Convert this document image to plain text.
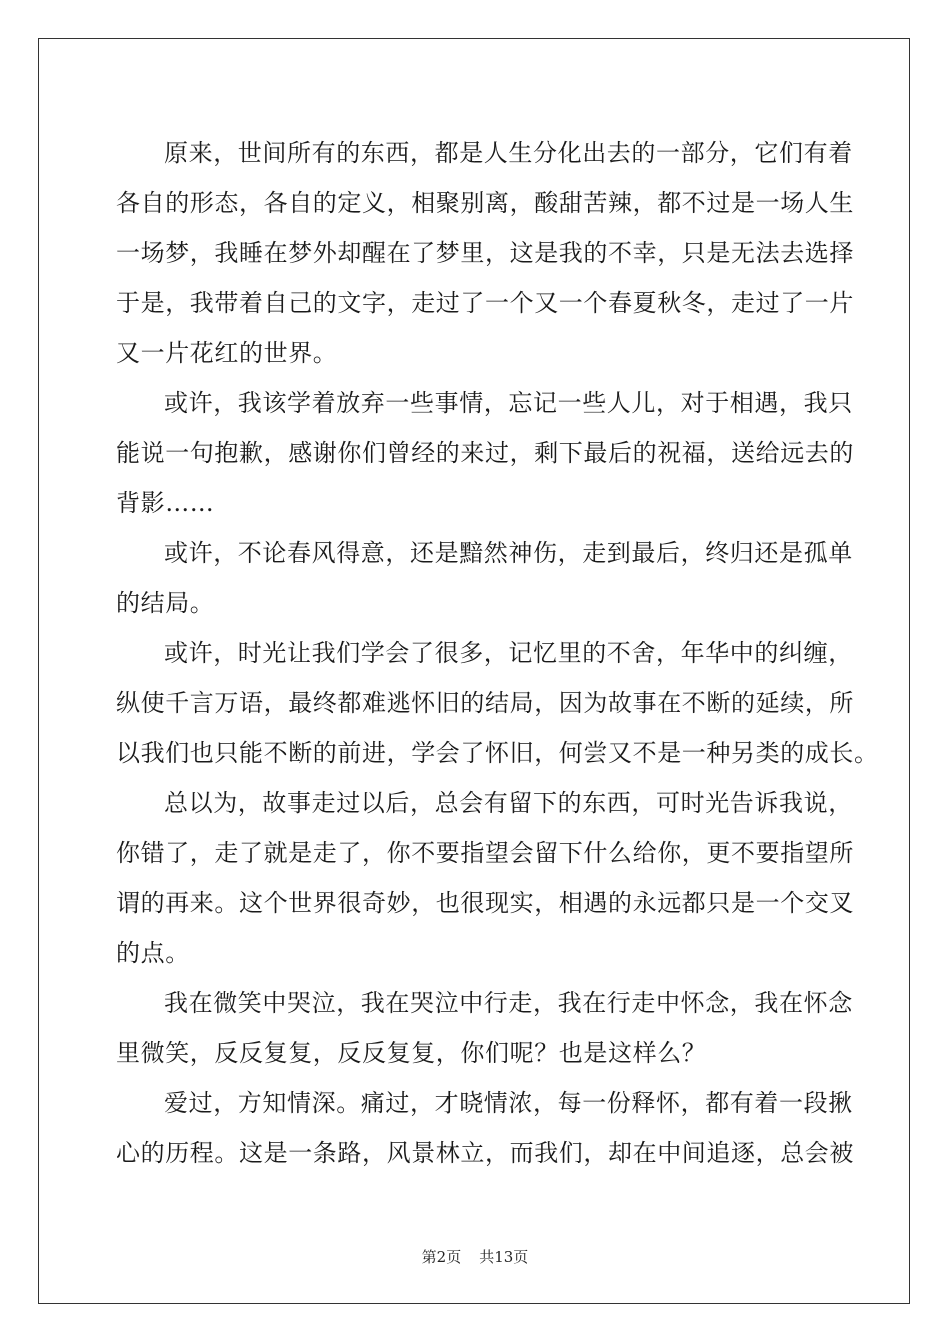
原来，世间所有的东西，都是人生分化出去的一部分，它们有着
各自的形态，各自的定义，相聚别离，酸甜苦辣，都不过是一场人生
一场梦，我睡在梦外却醒在了梦里，这是我的不幸，只是无法去选择
于是，我带着自己的文字，走过了一个又一个春夏秋冬，走过了一片
又一片花红的世界。
或许，我该学着放弃一些事情，忘记一些人儿，对于相遇，我只
能说一句抱歉，感谢你们曾经的来过，剩下最后的祝福，送给远去的
背影……
或许，不论春风得意，还是黯然神伤，走到最后，终归还是孤单
的结局。
或许，时光让我们学会了很多，记忆里的不舍，年华中的纠缠，
纵使千言万语，最终都难逃怀旧的结局，因为故事在不断的延续，所
以我们也只能不断的前进，学会了怀旧，何尝又不是一种另类的成长。
总以为，故事走过以后，总会有留下的东西，可时光告诉我说，
你错了，走了就是走了，你不要指望会留下什么给你，更不要指望所
谓的再来。这个世界很奇妙，也很现实，相遇的永远都只是一个交叉
的点。
我在微笑中哭泣，我在哭泣中行走，我在行走中怀念，我在怀念
里微笑，反反复复，反反复复，你们呢？也是这样么？
爱过，方知情深。痛过，才晓情浓，每一份释怀，都有着一段揪
心的历程。这是一条路，风景林立，而我们，却在中间追逐，总会被
第2页 共13页
